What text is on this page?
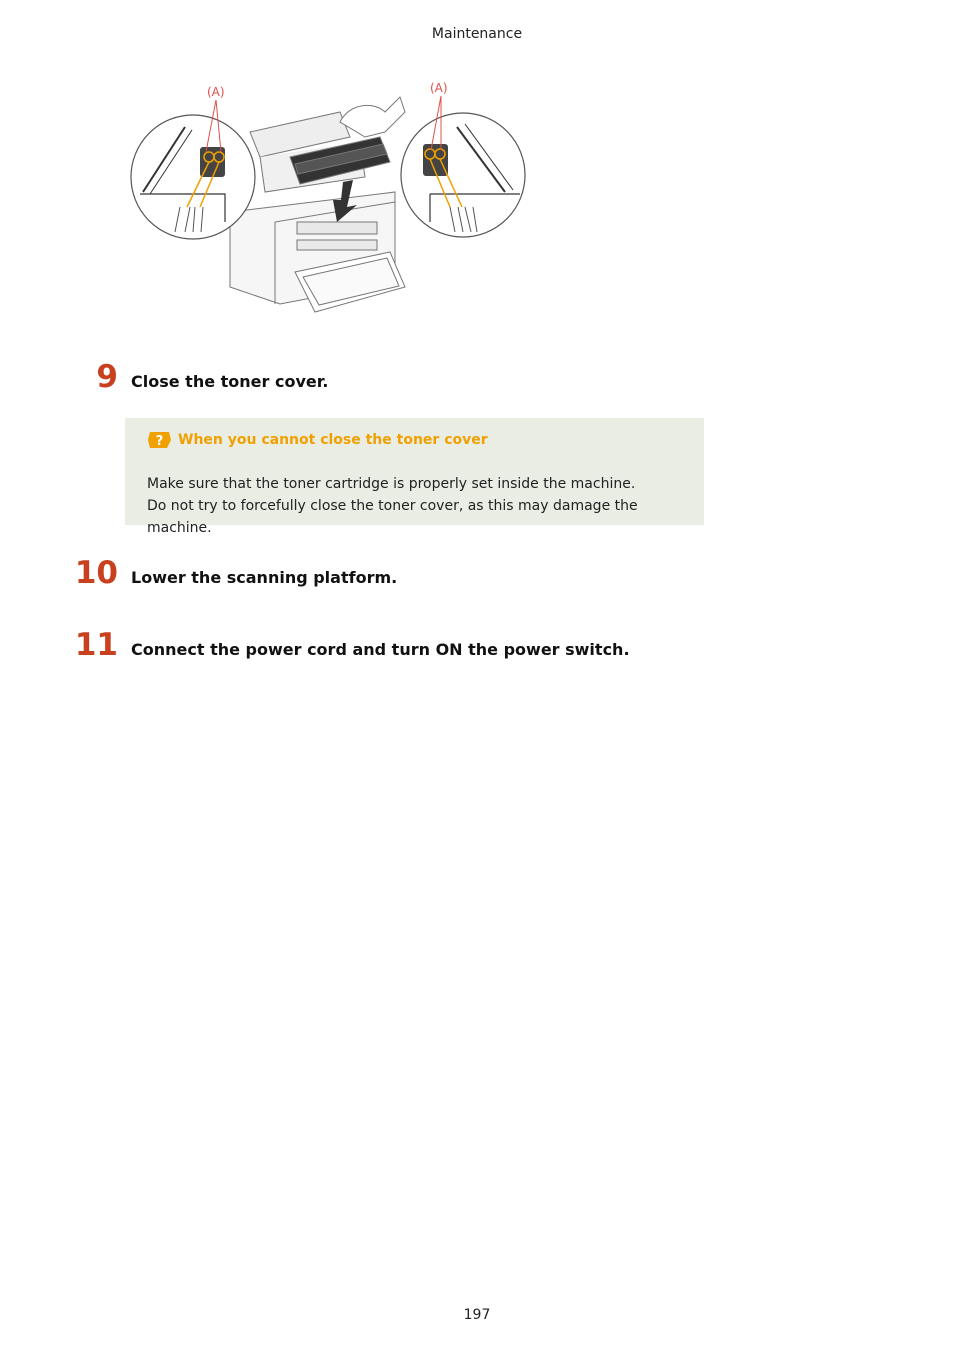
Maintenance
(A)	(A)
9 Close the toner cover.
? When you cannot close the toner cover
Make sure that the toner cartridge is properly set inside the machine.
Do not try to forcefully close the toner cover, as this may damage the machine.
10 Lower the scanning platform.
11 Connect the power cord and turn ON the power switch.
197
